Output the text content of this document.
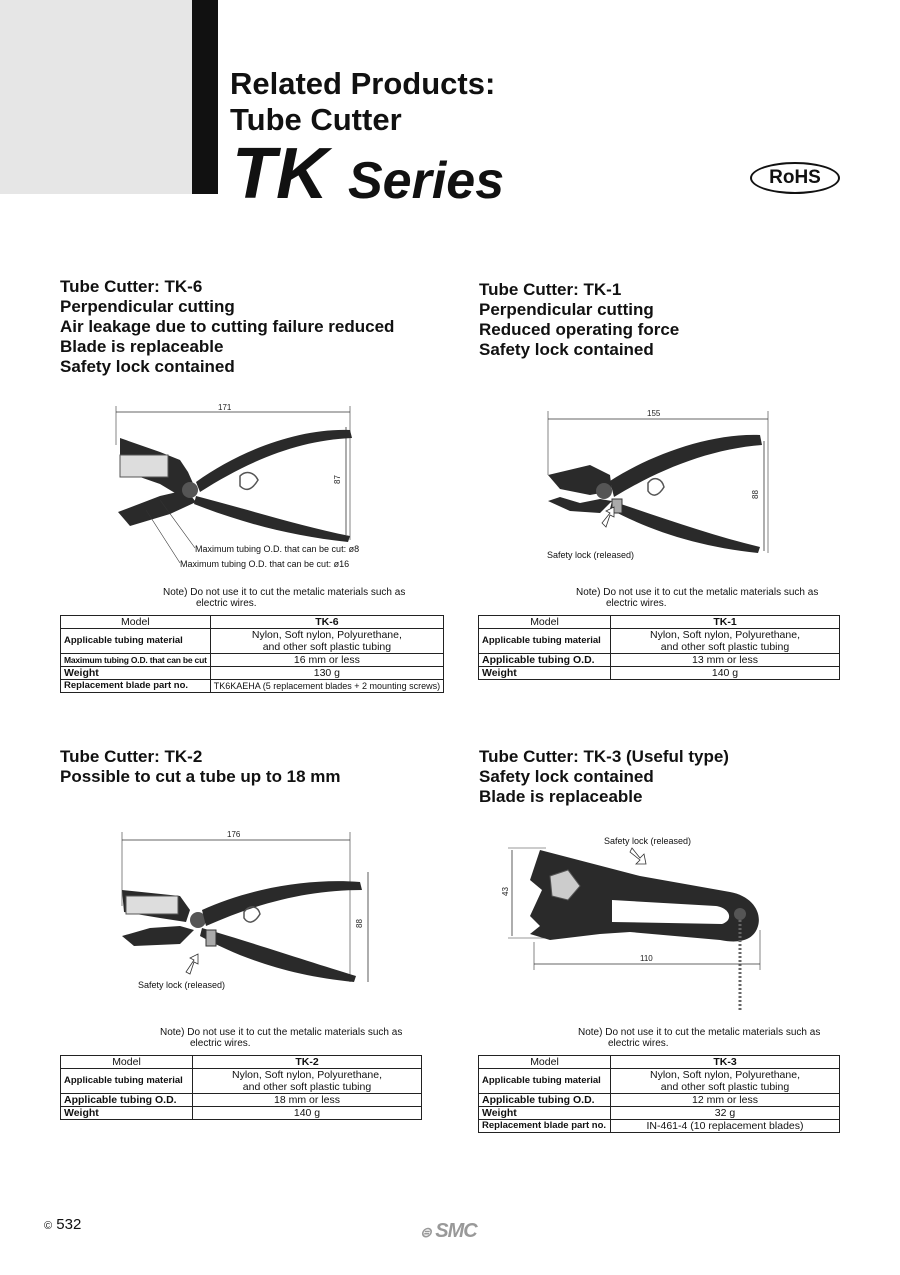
Related Products:
Tube Cutter
TK Series	RoHS
Tube Cutter: TK-6
Perpendicular cutting
Air leakage due to cutting failure reduced
Blade is replaceable
Safety lock contained
171
87
Maximum tubing O.D. that can be cut: ø8
Maximum tubing O.D. that can be cut: ø16
Note) Do not use it to cut the metalic materials such as
electric wires.
Model	TK-6
Applicable tubing material	Nylon, Soft nylon, Polyurethane,
and other soft plastic tubing

Maximum tubing O.D. that can be cut	16 mm or less
Weight	130 g
Replacement blade part no.	TK6KAEHA (5 replacement blades + 2 mounting screws)
Tube Cutter: TK-1
Perpendicular cutting
Reduced operating force
Safety lock contained
155
88
Safety lock (released)
Note) Do not use it to cut the metalic materials such as
electric wires.
Model	TK-1
Applicable tubing material	Nylon, Soft nylon, Polyurethane,
and other soft plastic tubing

Applicable tubing O.D.	13 mm or less
Weight	140 g
Tube Cutter: TK-2
Possible to cut a tube up to 18 mm
176
88
Safety lock (released)
Note) Do not use it to cut the metalic materials such as
electric wires.
Model	TK-2
Applicable tubing material	Nylon, Soft nylon, Polyurethane,
and other soft plastic tubing

Applicable tubing O.D.	18 mm or less
Weight	140 g
Tube Cutter: TK-3 (Useful type)
Safety lock contained
Blade is replaceable
Safety lock (released)
43
110
Note) Do not use it to cut the metalic materials such as
electric wires.
Model	TK-3
Applicable tubing material	Nylon, Soft nylon, Polyurethane,
and other soft plastic tubing

Applicable tubing O.D.	12 mm or less
Weight	32 g
Replacement blade part no.	IN-461-4 (10 replacement blades)
© 532	⊜ SMC
